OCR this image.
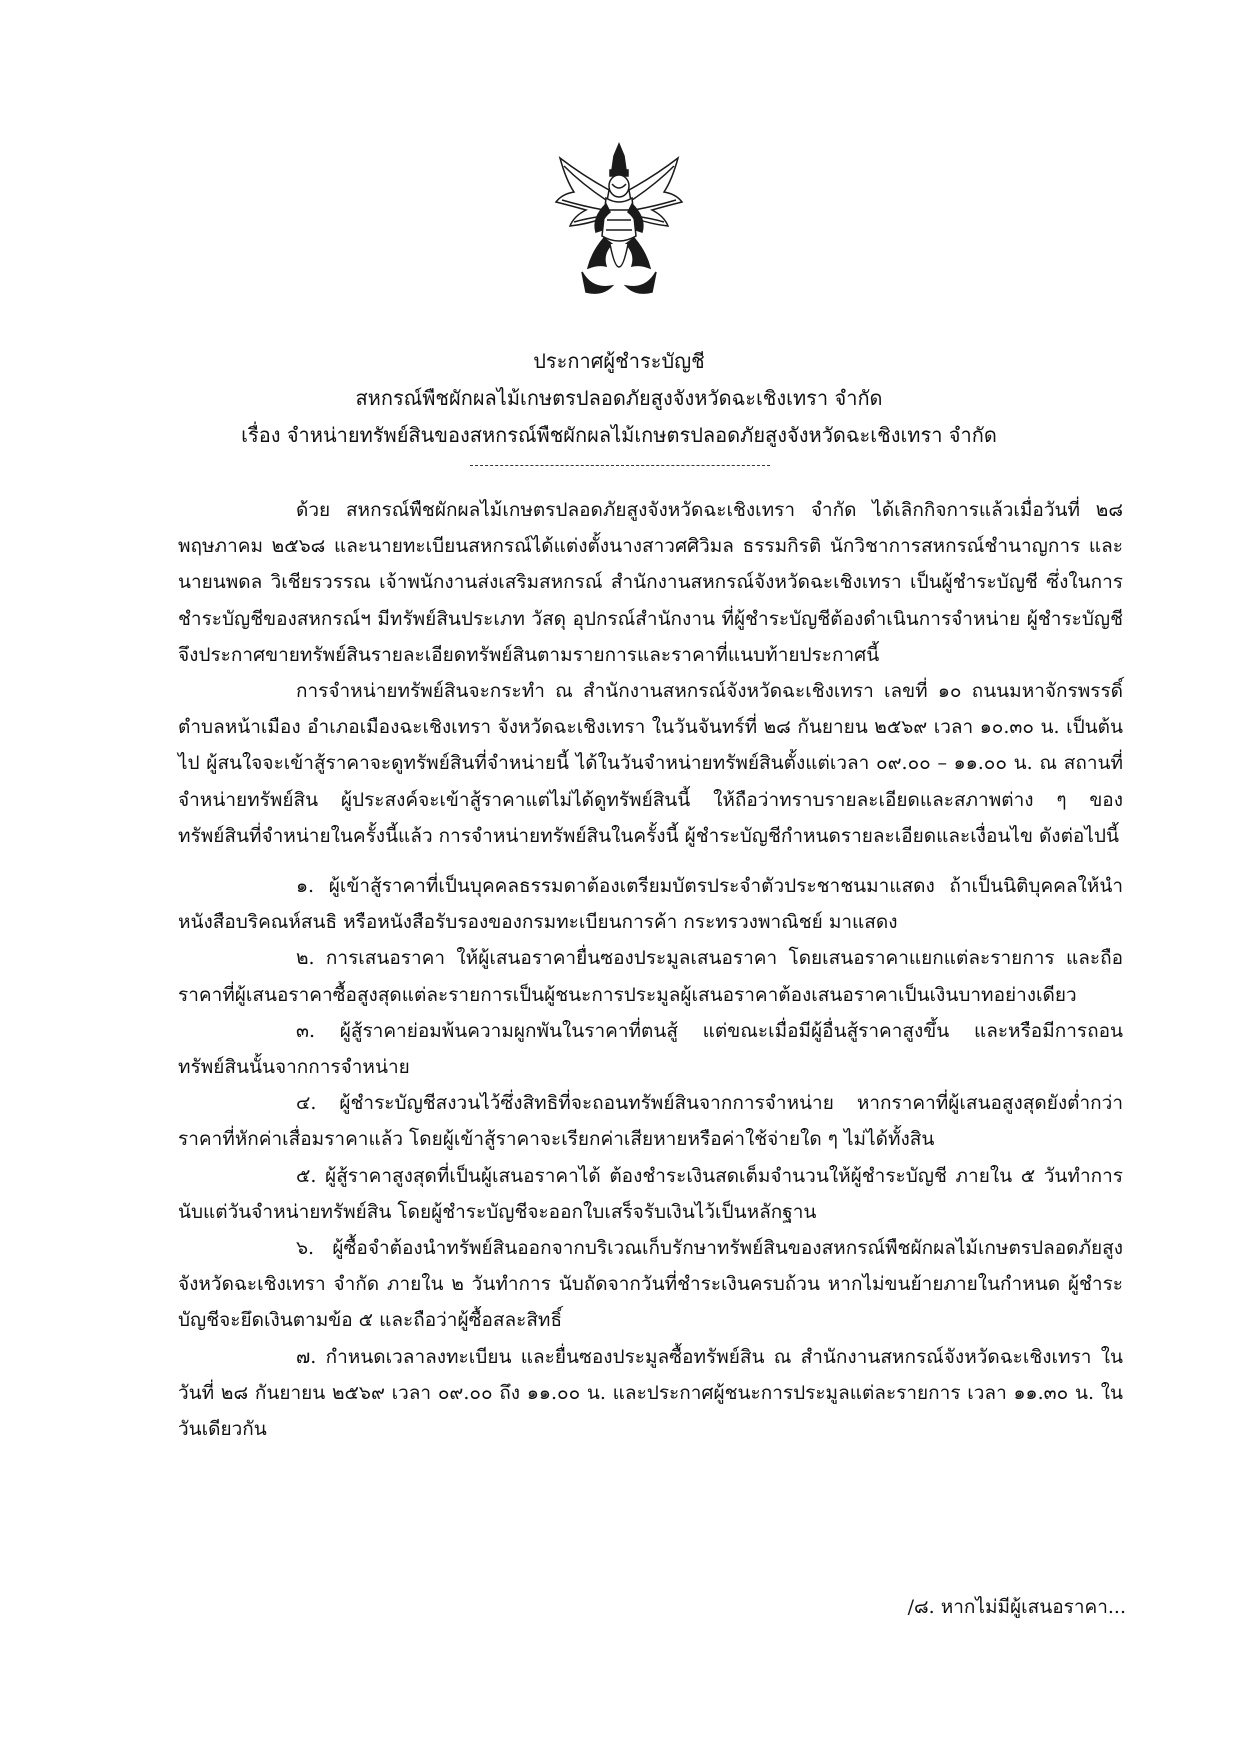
ประกาศผู้ชำระบัญชี
สหกรณ์พืชผักผลไม้เกษตรปลอดภัยสูงจังหวัดฉะเชิงเทรา จำกัด
เรื่อง จำหน่ายทรัพย์สินของสหกรณ์พืชผักผลไม้เกษตรปลอดภัยสูงจังหวัดฉะเชิงเทรา จำกัด

ด้วย สหกรณ์พืชผักผลไม้เกษตรปลอดภัยสูงจังหวัดฉะเชิงเทรา จำกัด ได้เลิกกิจการแล้วเมื่อวันที่ ๒๘ พฤษภาคม ๒๕๖๘ และนายทะเบียนสหกรณ์ได้แต่งตั้งนางสาวศศิวิมล ธรรมกิรติ นักวิชาการสหกรณ์ชำนาญการ และนายนพดล วิเชียรวรรณ เจ้าพนักงานส่งเสริมสหกรณ์ สำนักงานสหกรณ์จังหวัดฉะเชิงเทรา เป็นผู้ชำระบัญชี ซึ่งในการชำระบัญชีของสหกรณ์ฯ มีทรัพย์สินประเภท วัสดุ อุปกรณ์สำนักงาน ที่ผู้ชำระบัญชีต้องดำเนินการจำหน่าย ผู้ชำระบัญชีจึงประกาศขายทรัพย์สินรายละเอียดทรัพย์สินตามรายการและราคาที่แนบท้ายประกาศนี้

การจำหน่ายทรัพย์สินจะกระทำ ณ สำนักงานสหกรณ์จังหวัดฉะเชิงเทรา เลขที่ ๑๐ ถนนมหาจักรพรรดิ์ ตำบลหน้าเมือง อำเภอเมืองฉะเชิงเทรา จังหวัดฉะเชิงเทรา ในวันจันทร์ที่ ๒๘ กันยายน ๒๕๖๙ เวลา ๑๐.๓๐ น. เป็นต้นไป ผู้สนใจจะเข้าสู้ราคาจะดูทรัพย์สินที่จำหน่ายนี้ ได้ในวันจำหน่ายทรัพย์สินตั้งแต่เวลา ๐๙.๐๐ – ๑๑.๐๐ น. ณ สถานที่จำหน่ายทรัพย์สิน ผู้ประสงค์จะเข้าสู้ราคาแต่ไม่ได้ดูทรัพย์สินนี้ ให้ถือว่าทราบรายละเอียดและสภาพต่าง ๆ ของทรัพย์สินที่จำหน่ายในครั้งนี้แล้ว การจำหน่ายทรัพย์สินในครั้งนี้ ผู้ชำระบัญชีกำหนดรายละเอียดและเงื่อนไข ดังต่อไปนี้

๑. ผู้เข้าสู้ราคาที่เป็นบุคคลธรรมดาต้องเตรียมบัตรประจำตัวประชาชนมาแสดง ถ้าเป็นนิติบุคคลให้นำหนังสือบริคณห์สนธิ หรือหนังสือรับรองของกรมทะเบียนการค้า กระทรวงพาณิชย์ มาแสดง

๒. การเสนอราคา ให้ผู้เสนอราคายื่นซองประมูลเสนอราคา โดยเสนอราคาแยกแต่ละรายการ และถือราคาที่ผู้เสนอราคาซื้อสูงสุดแต่ละรายการเป็นผู้ชนะการประมูลผู้เสนอราคาต้องเสนอราคาเป็นเงินบาทอย่างเดียว

๓. ผู้สู้ราคาย่อมพ้นความผูกพันในราคาที่ตนสู้ แต่ขณะเมื่อมีผู้อื่นสู้ราคาสูงขึ้น และหรือมีการถอนทรัพย์สินนั้นจากการจำหน่าย

๔. ผู้ชำระบัญชีสงวนไว้ซึ่งสิทธิที่จะถอนทรัพย์สินจากการจำหน่าย หากราคาที่ผู้เสนอสูงสุดยังต่ำกว่าราคาที่หักค่าเสื่อมราคาแล้ว โดยผู้เข้าสู้ราคาจะเรียกค่าเสียหายหรือค่าใช้จ่ายใด ๆ ไม่ได้ทั้งสิน

๕. ผู้สู้ราคาสูงสุดที่เป็นผู้เสนอราคาได้ ต้องชำระเงินสดเต็มจำนวนให้ผู้ชำระบัญชี ภายใน ๕ วันทำการ นับแต่วันจำหน่ายทรัพย์สิน โดยผู้ชำระบัญชีจะออกใบเสร็จรับเงินไว้เป็นหลักฐาน

๖. ผู้ซื้อจำต้องนำทรัพย์สินออกจากบริเวณเก็บรักษาทรัพย์สินของสหกรณ์พืชผักผลไม้เกษตรปลอดภัยสูงจังหวัดฉะเชิงเทรา จำกัด ภายใน ๒ วันทำการ นับถัดจากวันที่ชำระเงินครบถ้วน หากไม่ขนย้ายภายในกำหนด ผู้ชำระบัญชีจะยึดเงินตามข้อ ๕ และถือว่าผู้ซื้อสละสิทธิ์

๗. กำหนดเวลาลงทะเบียน และยื่นซองประมูลซื้อทรัพย์สิน ณ สำนักงานสหกรณ์จังหวัดฉะเชิงเทรา ในวันที่ ๒๘ กันยายน ๒๕๖๙ เวลา ๐๙.๐๐ ถึง ๑๑.๐๐ น. และประกาศผู้ชนะการประมูลแต่ละรายการ เวลา ๑๑.๓๐ น. ในวันเดียวกัน

/๘. หากไม่มีผู้เสนอราคา...
